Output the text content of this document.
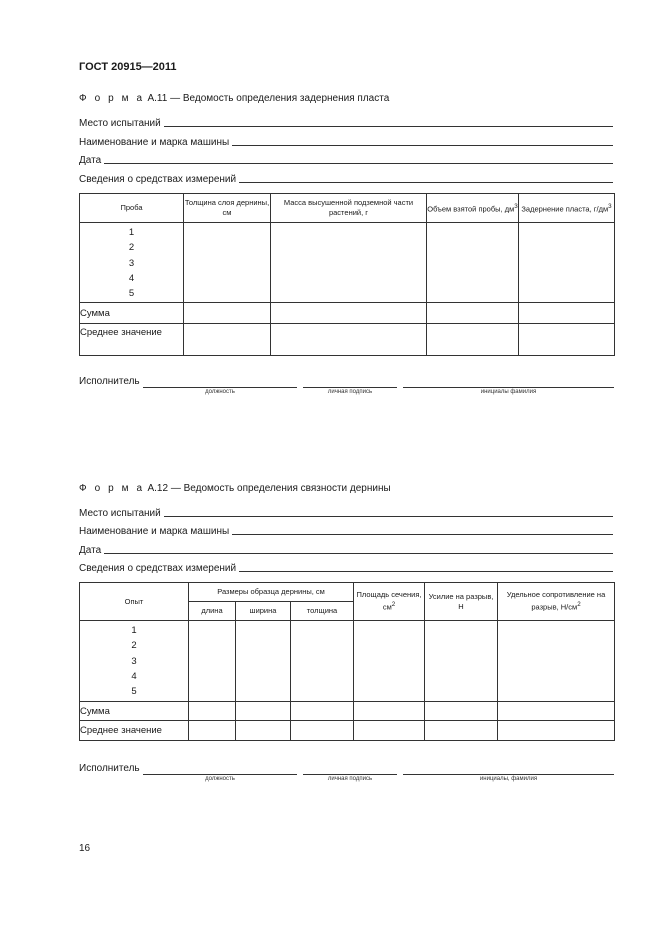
ГОСТ 20915—2011
Ф о р м а А.11 — Ведомость определения задернения пласта
Место испытаний
Наименование и марка машины
Дата
Сведения о средствах измерений
Проба	Толщина слоя дернины, см	Масса высушенной подземной части растений, г	Объем взятой пробы, $дм^3$	Задернение пласта, $г/дм^3$

1
2
3
4
5				

Сумма				
Среднее значение				
Исполнитель
должность	личная подпись	инициалы фамилия
Ф о р м а А.12 — Ведомость определения связности дернины
Место испытаний
Наименование и марка машины
Дата
Сведения о средствах измерений
Опыт	Размеры образца дернины, см			Площадь сечения, $см^2$	Усилие на разрыв, Н	Удельное сопротивление на разрыв, $Н/см^2$
	длина	ширина	толщина			

1
2
3
4
5						

Сумма						
Среднее значение						
Исполнитель
должность	личная подпись	инициалы, фамилия
16
